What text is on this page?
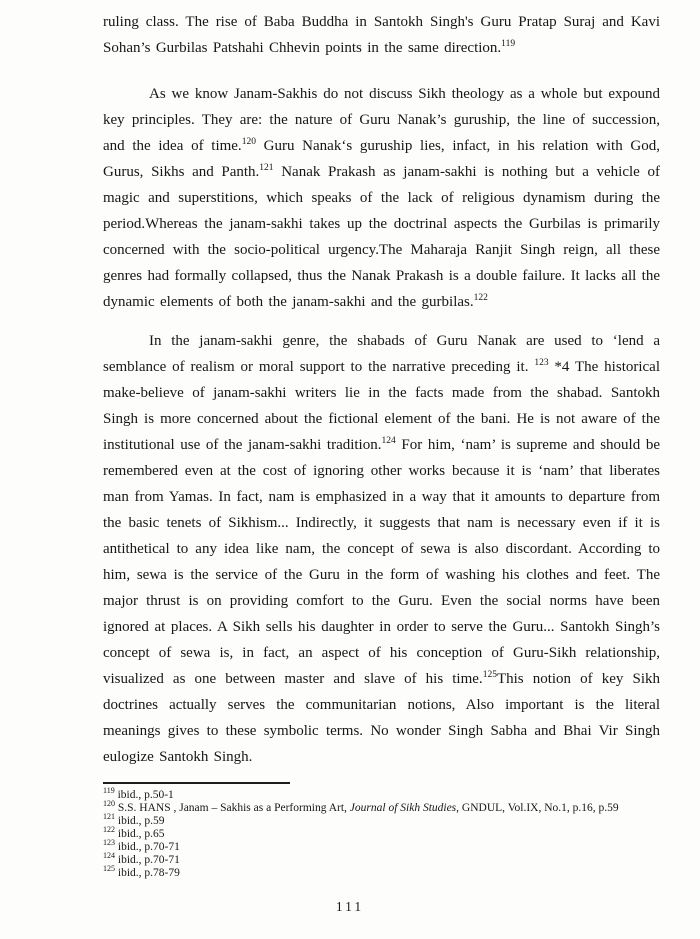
ruling class. The rise of Baba Buddha in Santokh Singh's Guru Pratap Suraj and Kavi Sohan’s Gurbilas Patshahi Chhevin points in the same direction.$^{119}$

As we know Janam-Sakhis do not discuss Sikh theology as a whole but expound key principles. They are: the nature of Guru Nanak’s guruship, the line of succession, and the idea of time.$^{120}$ Guru Nanak‘s guruship lies, infact, in his relation with God, Gurus, Sikhs and Panth.$^{121}$ Nanak Prakash as janam-sakhi is nothing but a vehicle of magic and superstitions, which speaks of the lack of religious dynamism during the period.Whereas the janam-sakhi takes up the doctrinal aspects the Gurbilas is primarily concerned with the socio-political urgency.The Maharaja Ranjit Singh reign, all these genres had formally collapsed, thus the Nanak Prakash is a double failure. It lacks all the dynamic elements of both the janam-sakhi and the gurbilas.$^{122}$

In the janam-sakhi genre, the shabads of Guru Nanak are used to ‘lend a semblance of realism or moral support to the narrative preceding it. $^{123}$ *4 The historical make-believe of janam-sakhi writers lie in the facts made from the shabad. Santokh Singh is more concerned about the fictional element of the bani. He is not aware of the institutional use of the janam-sakhi tradition.$^{124}$ For him, ‘nam’ is supreme and should be remembered even at the cost of ignoring other works because it is ‘nam’ that liberates man from Yamas. In fact, nam is emphasized in a way that it amounts to departure from the basic tenets of Sikhism... Indirectly, it suggests that nam is necessary even if it is antithetical to any idea like nam, the concept of sewa is also discordant. According to him, sewa is the service of the Guru in the form of washing his clothes and feet. The major thrust is on providing comfort to the Guru. Even the social norms have been ignored at places. A Sikh sells his daughter in order to serve the Guru... Santokh Singh’s concept of sewa is, in fact, an aspect of his conception of Guru-Sikh relationship, visualized as one between master and slave of his time.$^{125}$This notion of key Sikh doctrines actually serves the communitarian notions, Also important is the literal meanings gives to these symbolic terms. No wonder Singh Sabha and Bhai Vir Singh eulogize Santokh Singh.

$^{119}$ ibid., p.50-1

$^{120}$ S.S. HANS , Janam – Sakhis as a Performing Art, Journal of Sikh Studies, GNDUL, Vol.IX, No.1, p.16, p.59

$^{121}$ ibid., p.59

$^{122}$ ibid., p.65

$^{123}$ ibid., p.70-71

$^{124}$ ibid., p.70-71

$^{125}$ ibid., p.78-79

111
